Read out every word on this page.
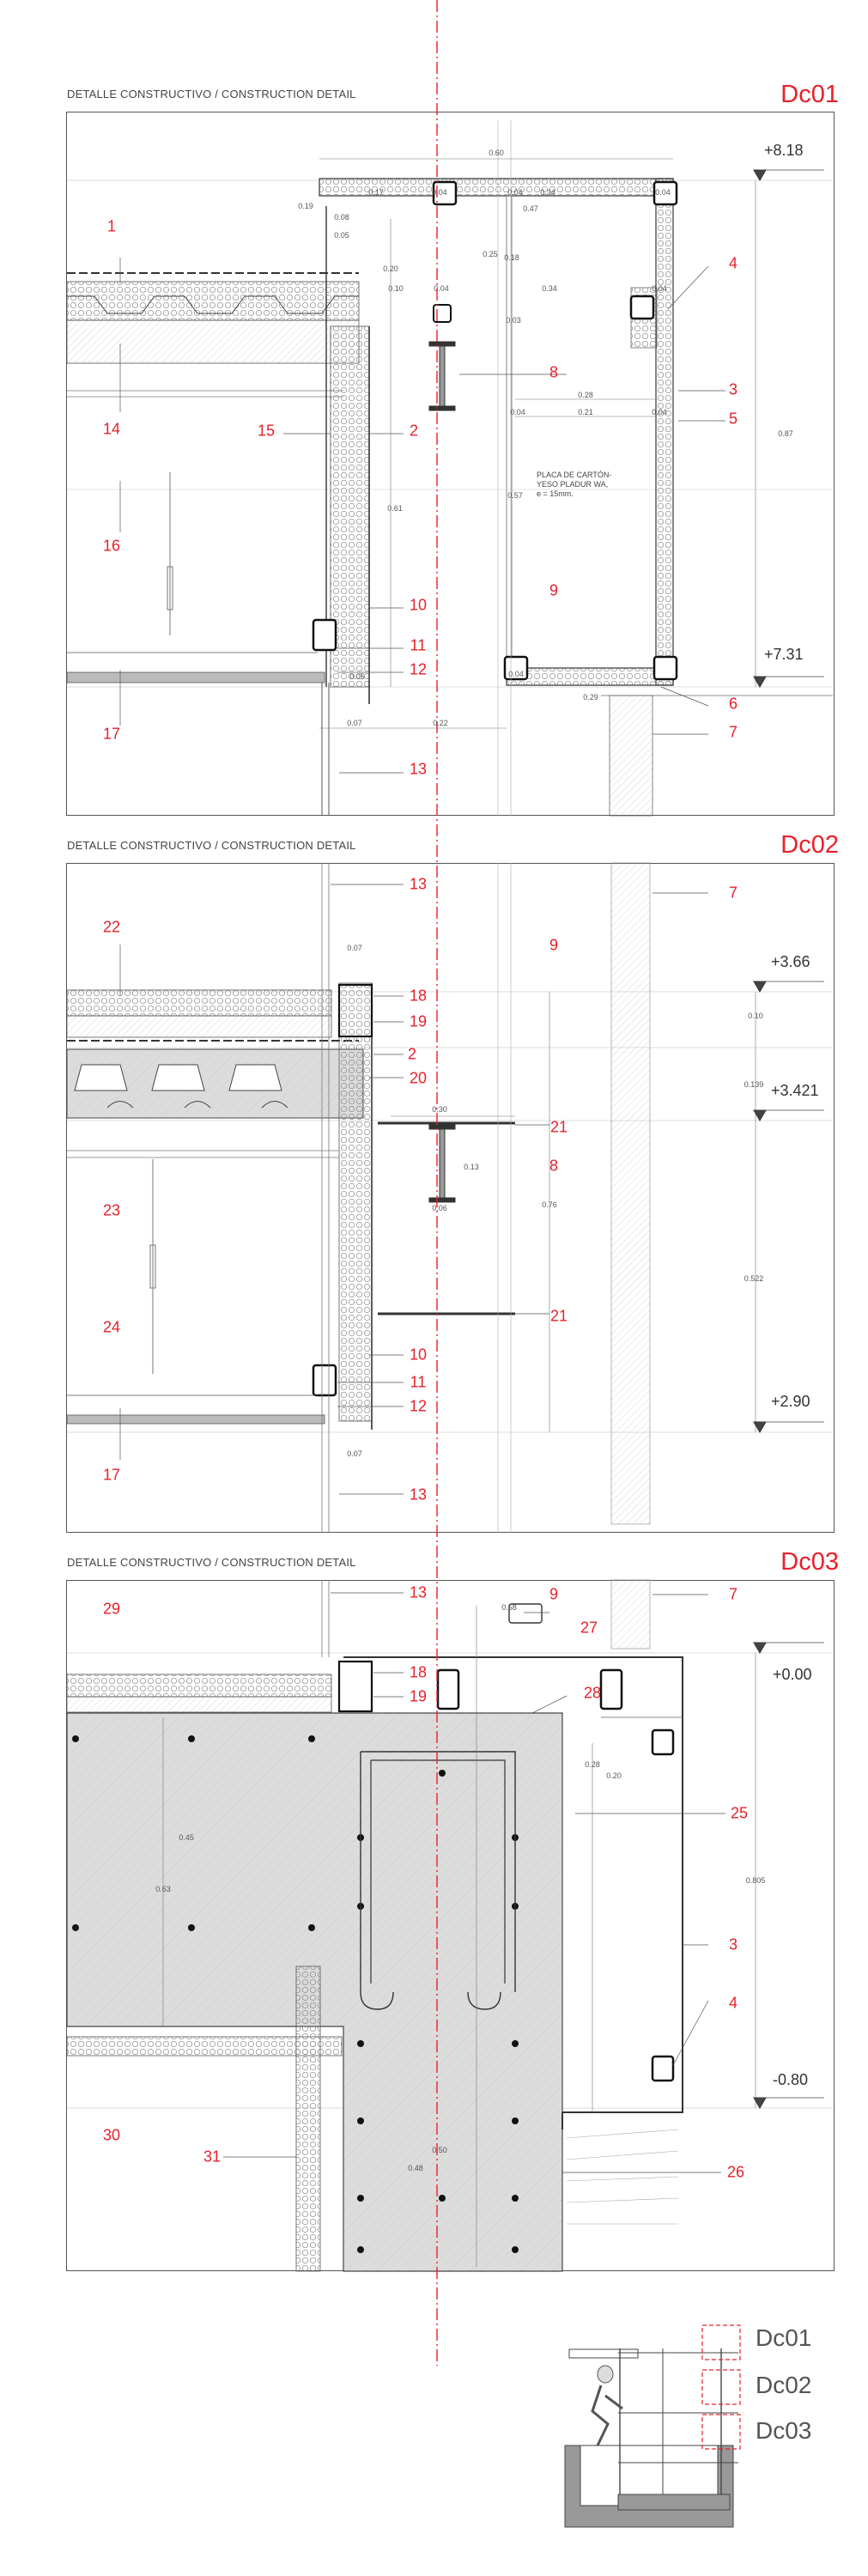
DETALLE CONSTRUCTIVO / CONSTRUCTION DETAIL	Dc01
DETALLE CONSTRUCTIVO / CONSTRUCTION DETAIL	Dc02
DETALLE CONSTRUCTIVO / CONSTRUCTION DETAIL	Dc03
+8.18
+7.31
PLACA DE CARTÓN-
YESO PLADUR WA,
e = 15mm.
0.60
0.19
0.17	0.04	0.04 0.34	0.04
0.08
0.47
0.05
0.25 0.18
0.20
0.10	0.04	0.34	0.04
0.03
0.28
0.04	0.21	0.04
0.87
0.57
0.61
0.05	0.04
0.29
0.07	0.22
1
4
8
3
5
14	15	2
16
9
10
11
12
6
7
17
13
+3.66
+3.421
+2.90
0.07
0.10
0.139
0.30
0.13
0.76
0.06
0.522
0.07
13	7
22
9
18
19
2
20
21
8
23
24
21
10
11
12
17
13
+0.00
-0.80
0.58
0.28
0.20
0.45
0.63
0.805
0.50
0.48
13	9	7
29
27
18
19	28
25
3
4
30
31
26
Dc01
Dc02
Dc03
